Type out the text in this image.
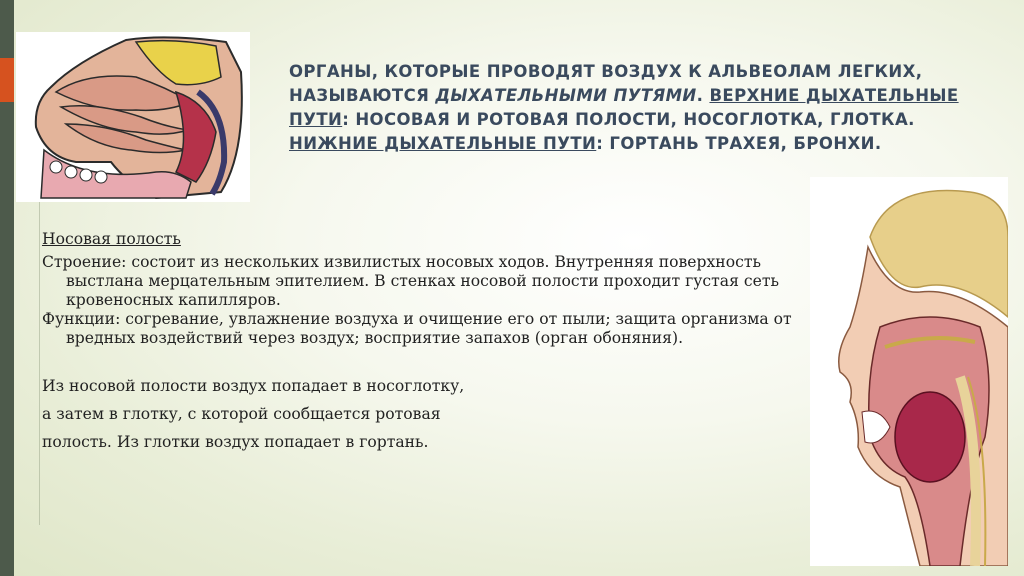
ОРГАНЫ, КОТОРЫЕ ПРОВОДЯТ ВОЗДУХ К АЛЬВЕОЛАМ ЛЕГКИХ, НАЗЫВАЮТСЯ ДЫХАТЕЛЬНЫМИ ПУТЯМИ. ВЕРХНИЕ ДЫХАТЕЛЬНЫЕ ПУТИ: НОСОВАЯ И РОТОВАЯ ПОЛОСТИ, НОСОГЛОТКА, ГЛОТКА. НИЖНИЕ ДЫХАТЕЛЬНЫЕ ПУТИ: ГОРТАНЬ ТРАХЕЯ, БРОНХИ.

Носовая полость

Строение: состоит из нескольких извилистых носовых ходов. Внутренняя поверхность выстлана мерцательным эпителием. В стенках носовой полости проходит густая сеть кровеносных капилляров.

Функции: согревание, увлажнение воздуха и очищение его от пыли; защита организма от вредных воздействий через воздух; восприятие запахов (орган обоняния).

Из носовой полости воздух попадает в носоглотку,

а затем в глотку, с которой сообщается ротовая

полость. Из глотки воздух попадает в гортань.
